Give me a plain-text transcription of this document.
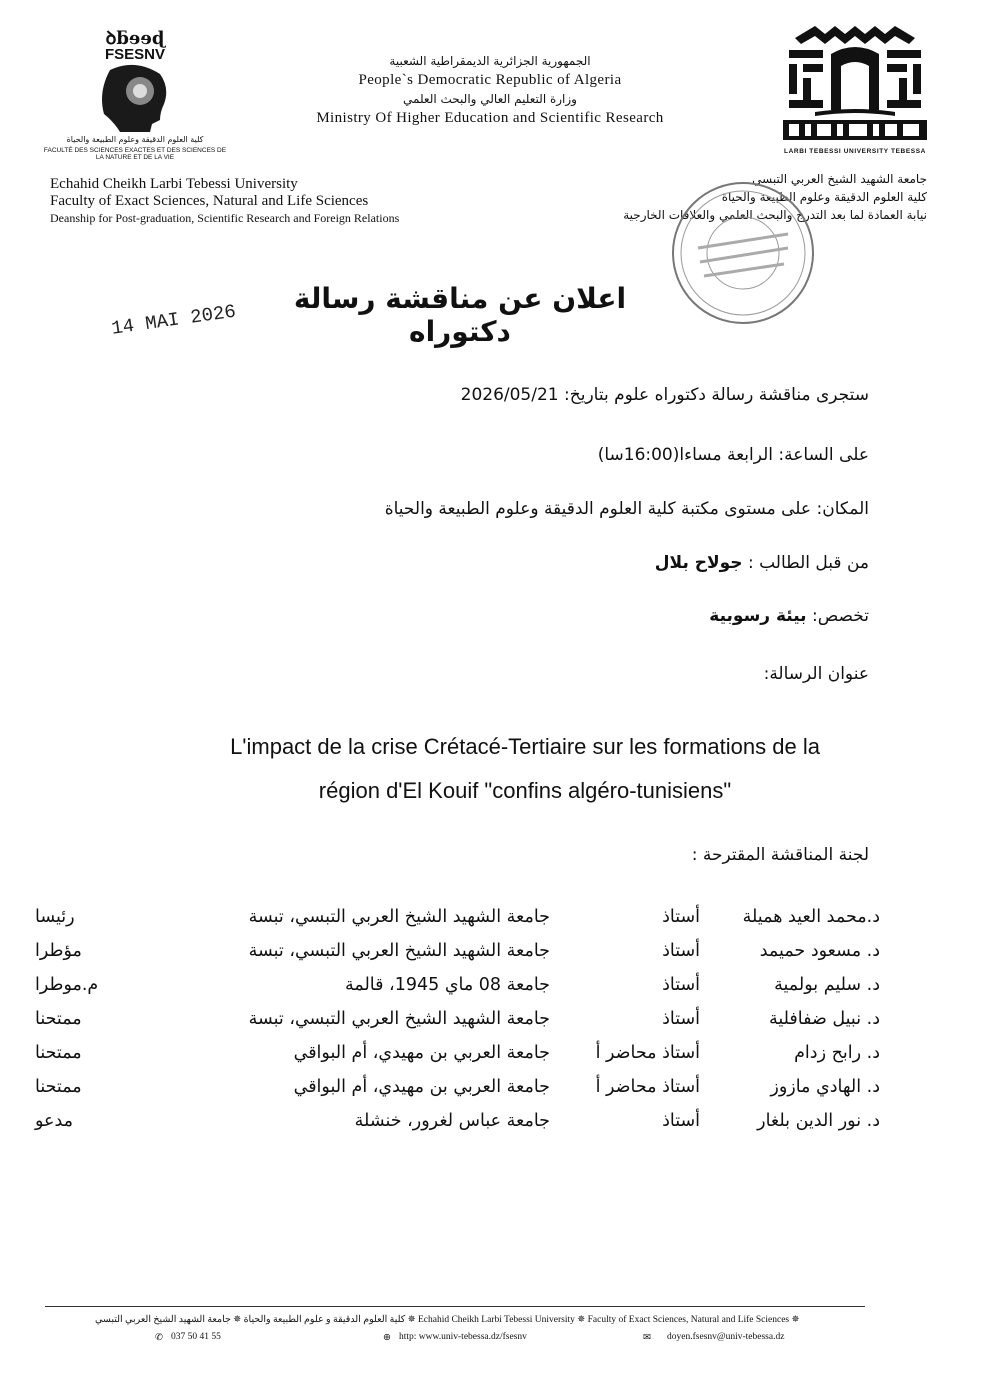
ꝺƃɘɘɖ
FSESNV
كلية العلوم الدقيقة وعلوم الطبيعة والحياة
FACULTÉ DES SCIENCES EXACTES ET DES SCIENCES DE LA NATURE ET DE LA VIE
الجمهورية الجزائرية الديمقراطية الشعبية
People`s Democratic Republic of Algeria
وزارة التعليم العالي والبحث العلمي
Ministry Of Higher Education and Scientific Research
LARBI TEBESSI UNIVERSITY TEBESSA
Echahid Cheikh Larbi Tebessi University
Faculty of Exact Sciences, Natural and Life Sciences
Deanship for Post-graduation, Scientific Research and Foreign Relations
جامعة الشهيد الشيخ العربي التبسي
كلية العلوم الدقيقة وعلوم الطبيعة والحياة
نيابة العمادة لما بعد التدرج والبحث العلمي والعلاقات الخارجية
اعلان عن مناقشة رسالة دكتوراه
14 MAI 2026
ستجرى مناقشة رسالة دكتوراه علوم بتاريخ: 2026/05/21
على الساعة: الرابعة مساءا(16:00سا)
المكان: على مستوى مكتبة كلية العلوم الدقيقة وعلوم الطبيعة والحياة
من قبل الطالب : جولاح بلال
تخصص: بيئة رسوبية
عنوان الرسالة:
L'impact de la crise Crétacé-Tertiaire sur les formations de la
région d'El Kouif "confins algéro-tunisiens"
لجنة المناقشة المقترحة :
د.محمد العيد هميلة	أستاذ	جامعة الشهيد الشيخ العربي التبسي، تبسة	رئيسا
د. مسعود حميمد	أستاذ	جامعة الشهيد الشيخ العربي التبسي، تبسة	مؤطرا
د. سليم بولمية	أستاذ	جامعة 08 ماي 1945، قالمة	م.موطرا
د. نبيل ضفافلية	أستاذ	جامعة الشهيد الشيخ العربي التبسي، تبسة	ممتحنا
د. رابح زدام	أستاذ محاضر أ	جامعة العربي بن مهيدي، أم البواقي	ممتحنا
د. الهادي مازوز	أستاذ محاضر أ	جامعة العربي بن مهيدي، أم البواقي	ممتحنا
د. نور الدين بلغار	أستاذ	جامعة عباس لغرور، خنشلة	مدعو
كلية العلوم الدقيقة و علوم الطبيعة والحياة ✵ جامعة الشهيد الشيخ العربي التبسي ✵ Echahid Cheikh Larbi Tebessi University ✵ Faculty of Exact Sciences, Natural and Life Sciences ✵
✆ 037 50 41 55	⊕ http: www.univ-tebessa.dz/fsesnv	✉ doyen.fsesnv@univ-tebessa.dz
